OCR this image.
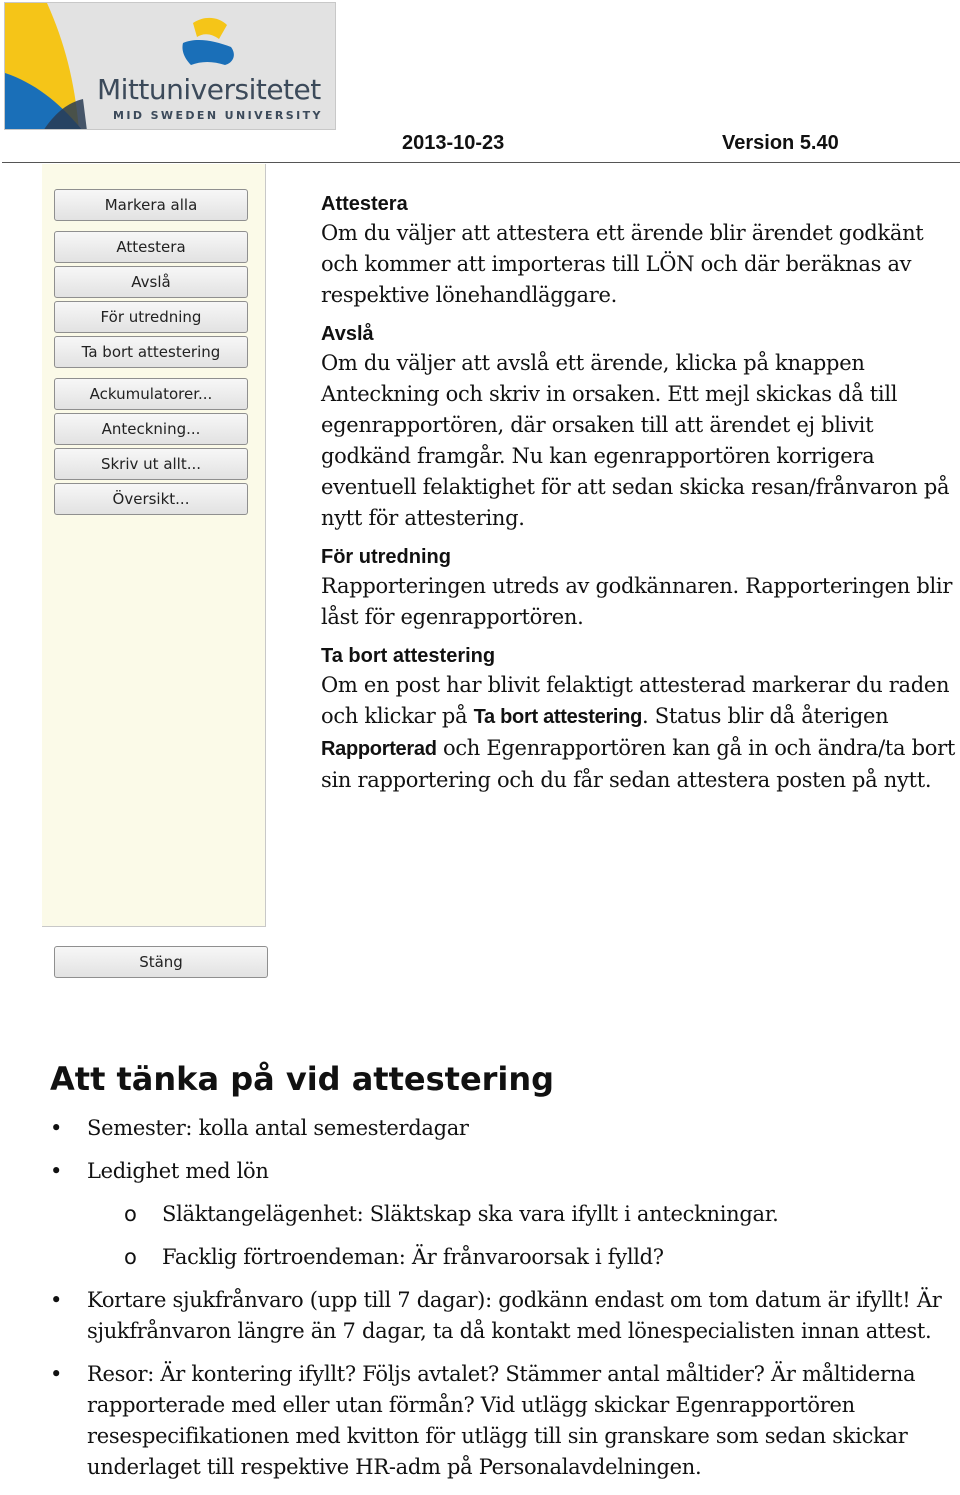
Mittuniversitetet
MID SWEDEN UNIVERSITY
2013-10-23	Version 5.40
Markera alla
Attestera
Avslå
För utredning
Ta bort attestering
Ackumulatorer...
Anteckning...
Skriv ut allt...
Översikt...
Stäng
Attestera

Om du väljer att attestera ett ärende blir ärendet godkänt och kommer att importeras till LÖN och där beräknas av respektive lönehandläggare.

Avslå

Om du väljer att avslå ett ärende, klicka på knappen Anteckning och skriv in orsaken. Ett mejl skickas då till egenrapportören, där orsaken till att ärendet ej blivit godkänd framgår. Nu kan egenrapportören korrigera eventuell felaktighet för att sedan skicka resan/frånvaron på nytt för attestering.

För utredning

Rapporteringen utreds av godkännaren. Rapporteringen blir låst för egenrapportören.

Ta bort attestering

Om en post har blivit felaktigt attesterad markerar du raden och klickar på Ta bort attestering. Status blir då återigen Rapporterad och Egenrapportören kan gå in och ändra/ta bort sin rapportering och du får sedan attestera posten på nytt.

Att tänka på vid attestering
• Semester: kolla antal semesterdagar
• Ledighet med lön
o Släktangelägenhet: Släktskap ska vara ifyllt i anteckningar.
o Facklig förtroendeman: Är frånvaroorsak i fylld?
• Kortare sjukfrånvaro (upp till 7 dagar): godkänn endast om tom datum är ifyllt! Är sjukfrånvaron längre än 7 dagar, ta då kontakt med lönespecialisten innan attest.
• Resor: Är kontering ifyllt? Följs avtalet? Stämmer antal måltider? Är måltiderna rapporterade med eller utan förmån? Vid utlägg skickar Egenrapportören resespecifikationen med kvitton för utlägg till sin granskare som sedan skickar underlaget till respektive HR-adm på Personalavdelningen.
